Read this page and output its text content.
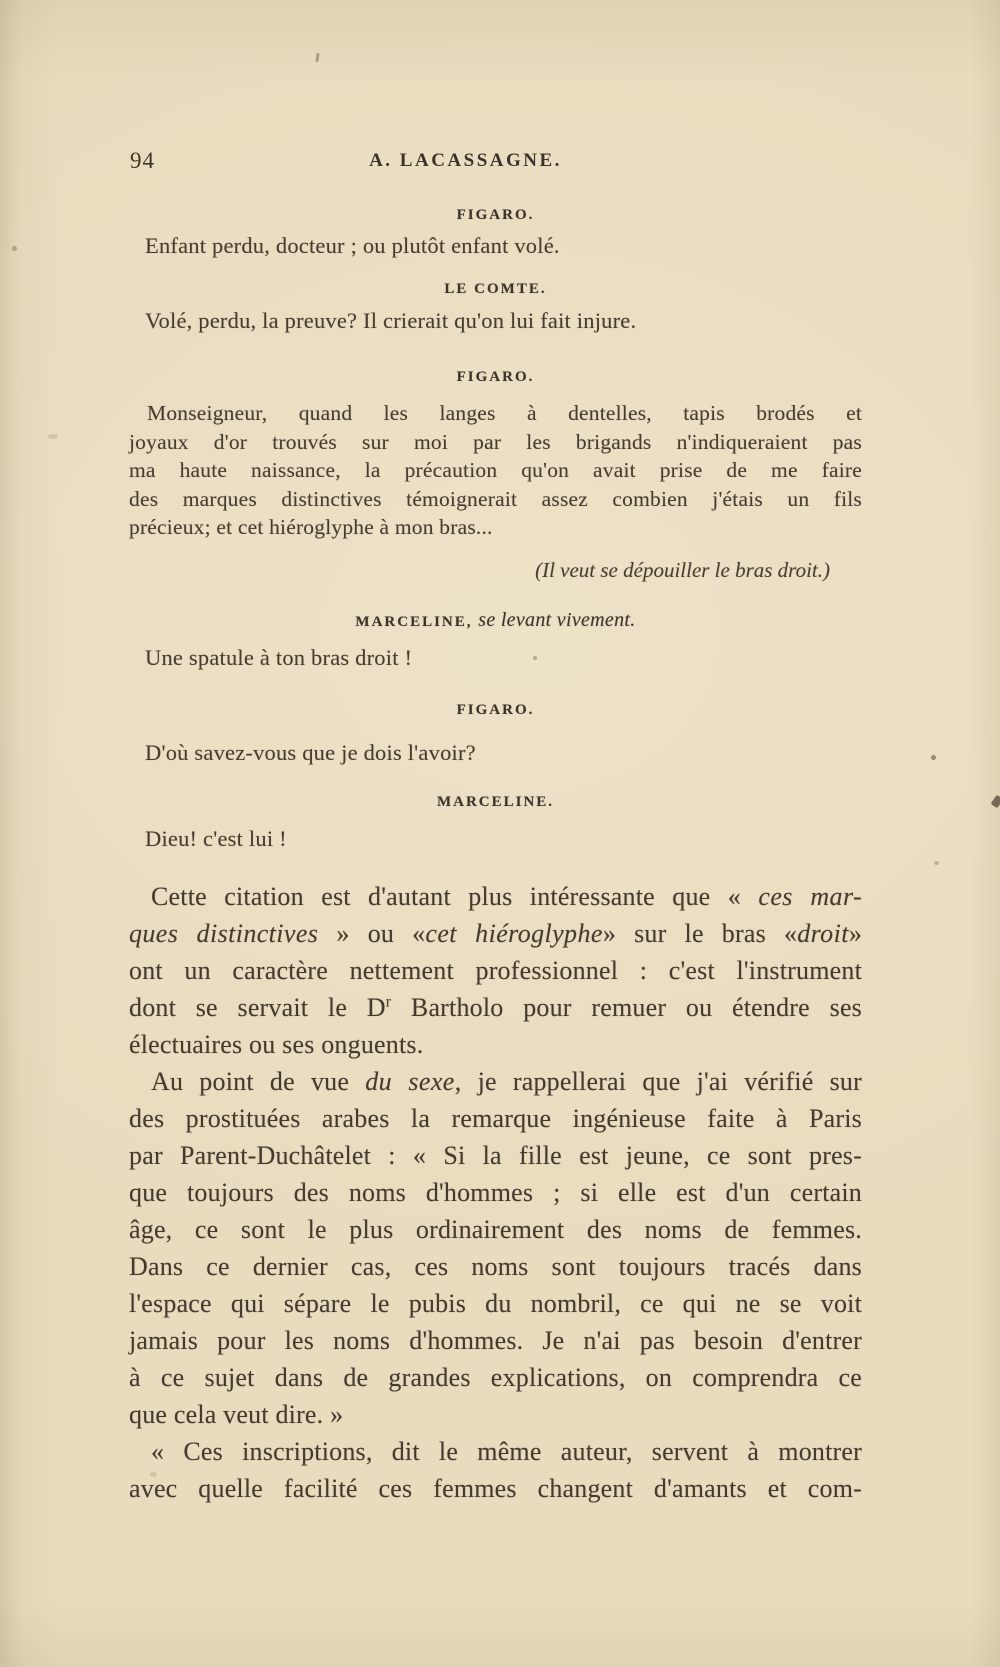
94	A. LACASSAGNE.
FIGARO.
Enfant perdu, docteur ; ou plutôt enfant volé.
LE COMTE.
Volé, perdu, la preuve? Il crierait qu'on lui fait injure.
FIGARO.
Monseigneur, quand les langes à dentelles, tapis brodés et
joyaux d'or trouvés sur moi par les brigands n'indiqueraient pas
ma haute naissance, la précaution qu'on avait prise de me faire
des marques distinctives témoignerait assez combien j'étais un fils
précieux; et cet hiéroglyphe à mon bras...
(Il veut se dépouiller le bras droit.)
MARCELINE, se levant vivement.
Une spatule à ton bras droit !
FIGARO.
D'où savez-vous que je dois l'avoir?
MARCELINE.
Dieu! c'est lui !
Cette citation est d'autant plus intéressante que « ces mar-
ques distinctives » ou «cet hiéroglyphe» sur le bras «droit»
ont un caractère nettement professionnel : c'est l'instrument
dont se servait le $D^r$ Bartholo pour remuer ou étendre ses
électuaires ou ses onguents.
Au point de vue du sexe, je rappellerai que j'ai vérifié sur
des prostituées arabes la remarque ingénieuse faite à Paris
par Parent-Duchâtelet : « Si la fille est jeune, ce sont pres-
que toujours des noms d'hommes ; si elle est d'un certain
âge, ce sont le plus ordinairement des noms de femmes.
Dans ce dernier cas, ces noms sont toujours tracés dans
l'espace qui sépare le pubis du nombril, ce qui ne se voit
jamais pour les noms d'hommes. Je n'ai pas besoin d'entrer
à ce sujet dans de grandes explications, on comprendra ce
que cela veut dire. »
« Ces inscriptions, dit le même auteur, servent à montrer
avec quelle facilité ces femmes changent d'amants et com-
